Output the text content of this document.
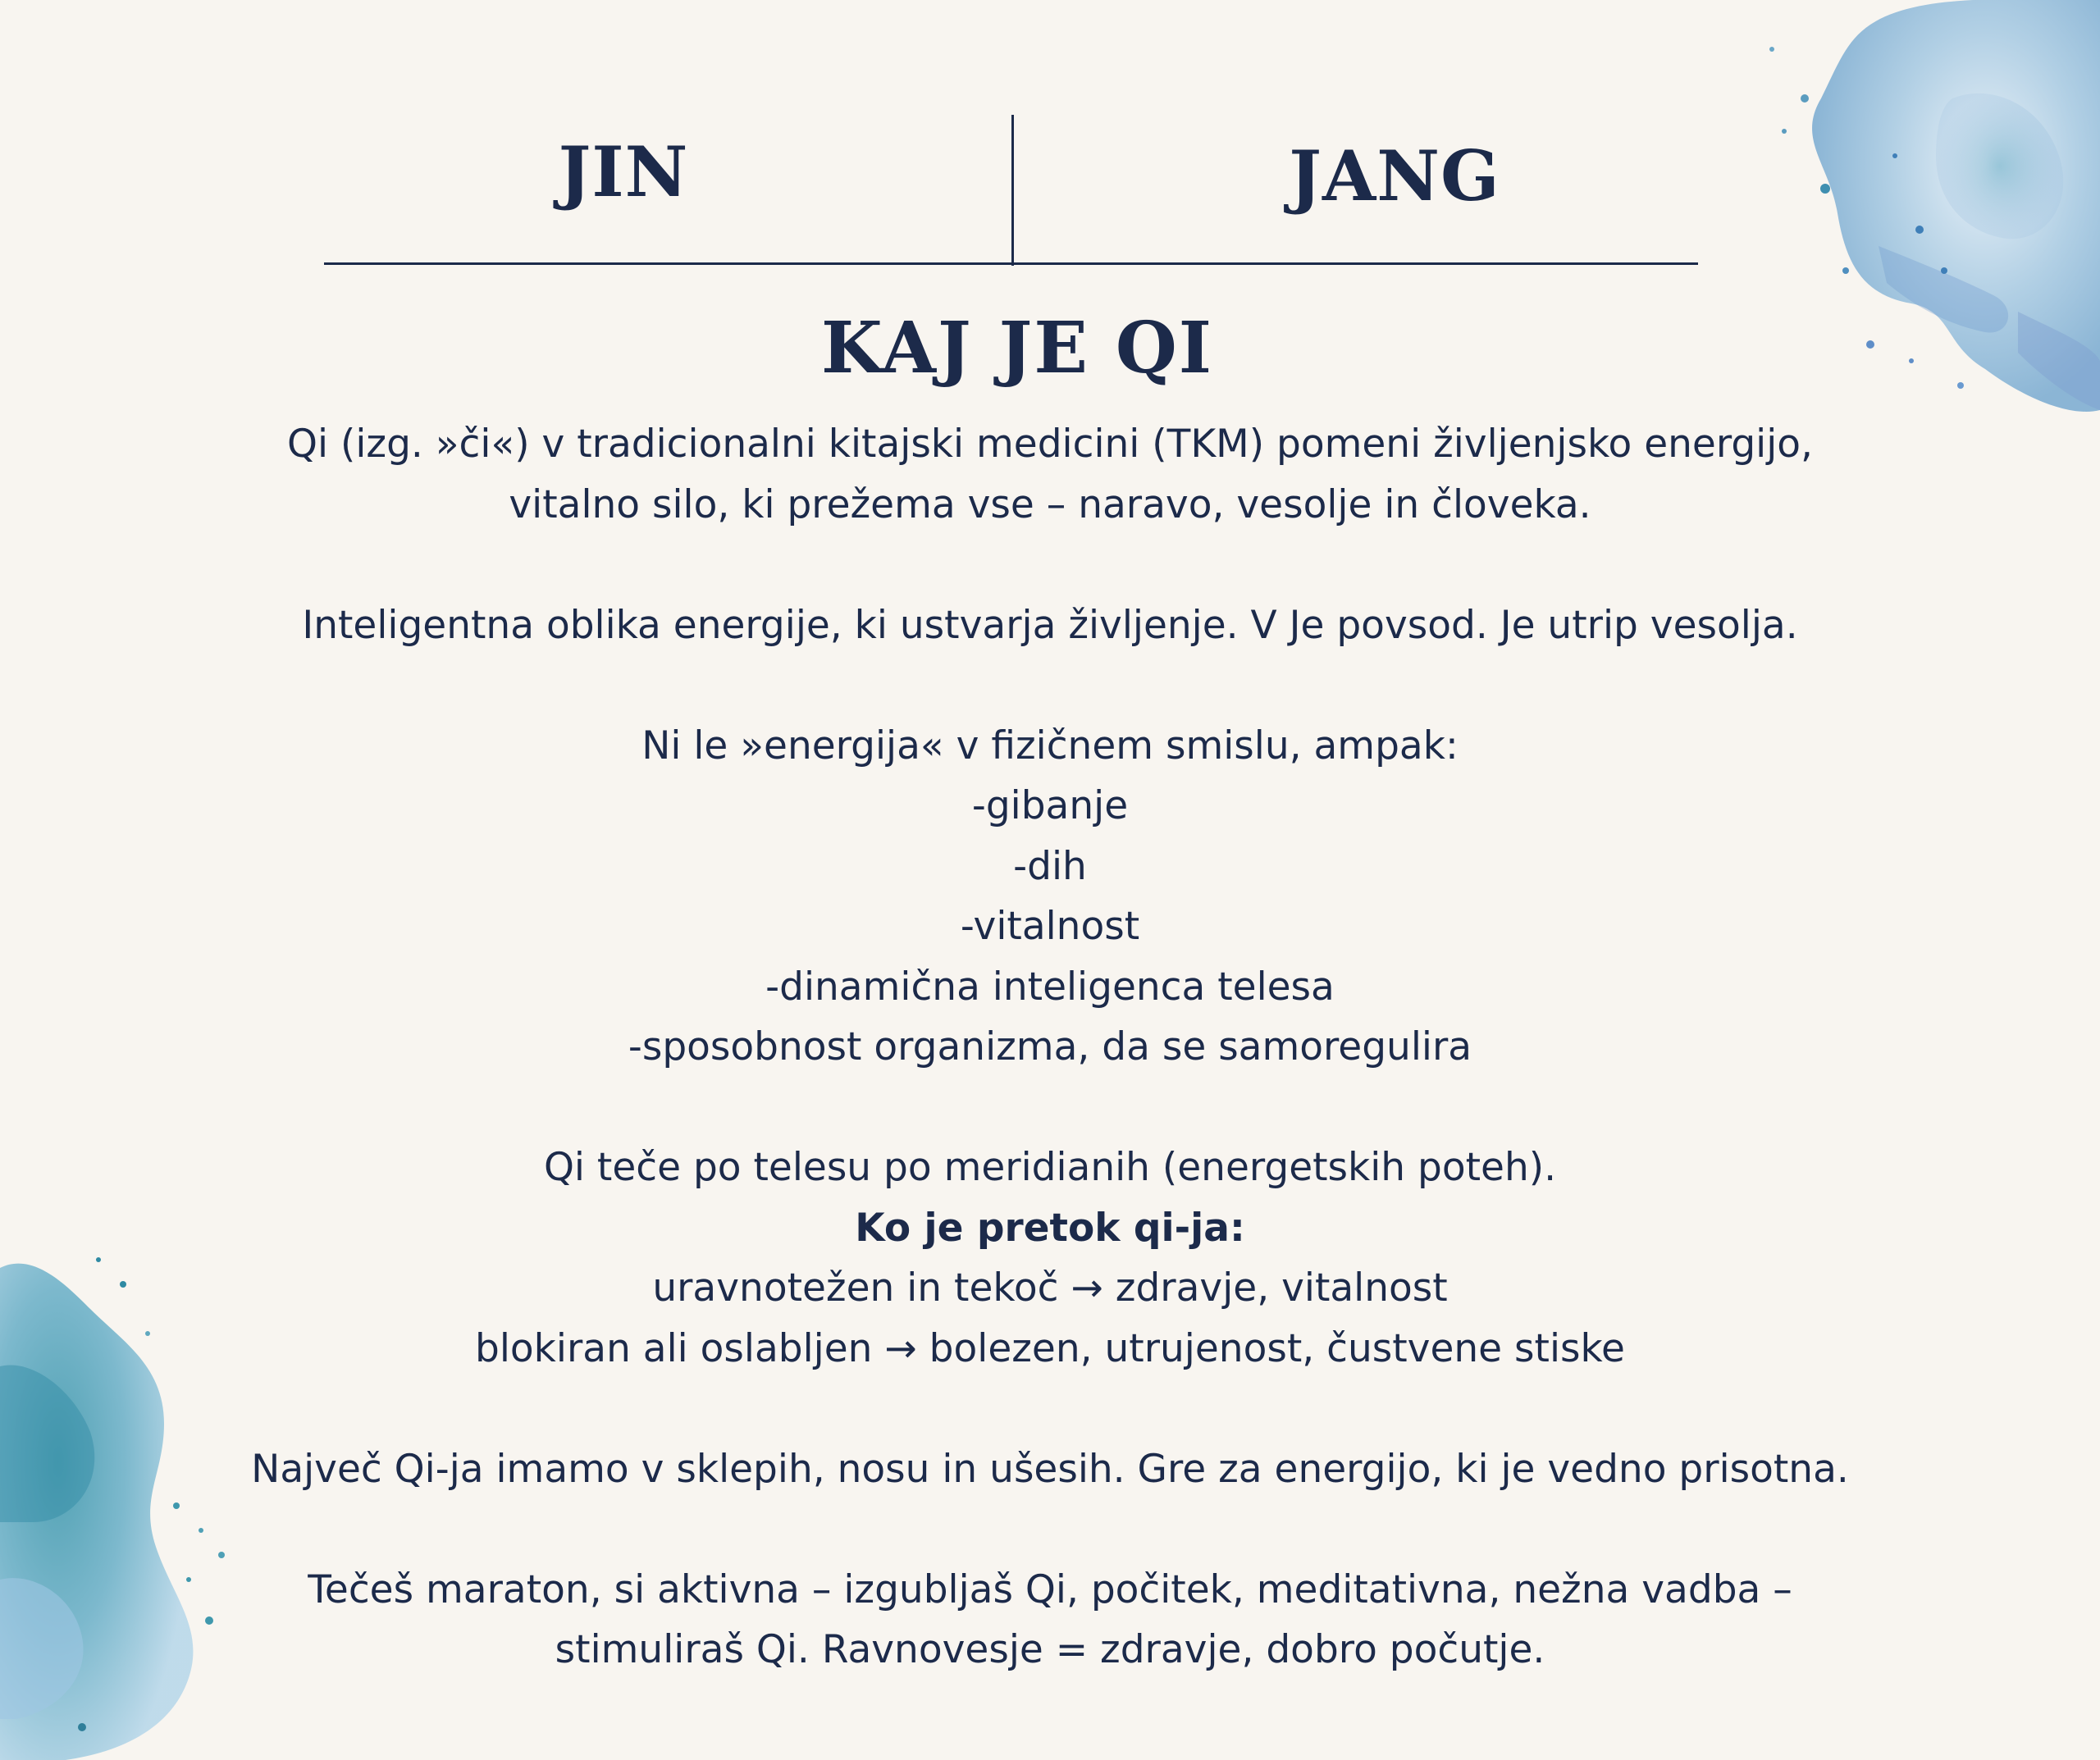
JIN	JANG
KAJ JE QI
Qi (izg. »či«) v tradicionalni kitajski medicini (TKM) pomeni življenjsko energijo,
vitalno silo, ki prežema vse – naravo, vesolje in človeka.
Inteligentna oblika energije, ki ustvarja življenje. V Je povsod. Je utrip vesolja.
Ni le »energija« v fizičnem smislu, ampak:
-gibanje
-dih
-vitalnost
-dinamična inteligenca telesa
-sposobnost organizma, da se samoregulira
Qi teče po telesu po meridianih (energetskih poteh).
Ko je pretok qi-ja:
uravnotežen in tekoč → zdravje, vitalnost
blokiran ali oslabljen → bolezen, utrujenost, čustvene stiske
Največ Qi-ja imamo v sklepih, nosu in ušesih. Gre za energijo, ki je vedno prisotna.
Tečeš maraton, si aktivna – izgubljaš Qi, počitek, meditativna, nežna vadba –
stimuliraš Qi. Ravnovesje = zdravje, dobro počutje.
